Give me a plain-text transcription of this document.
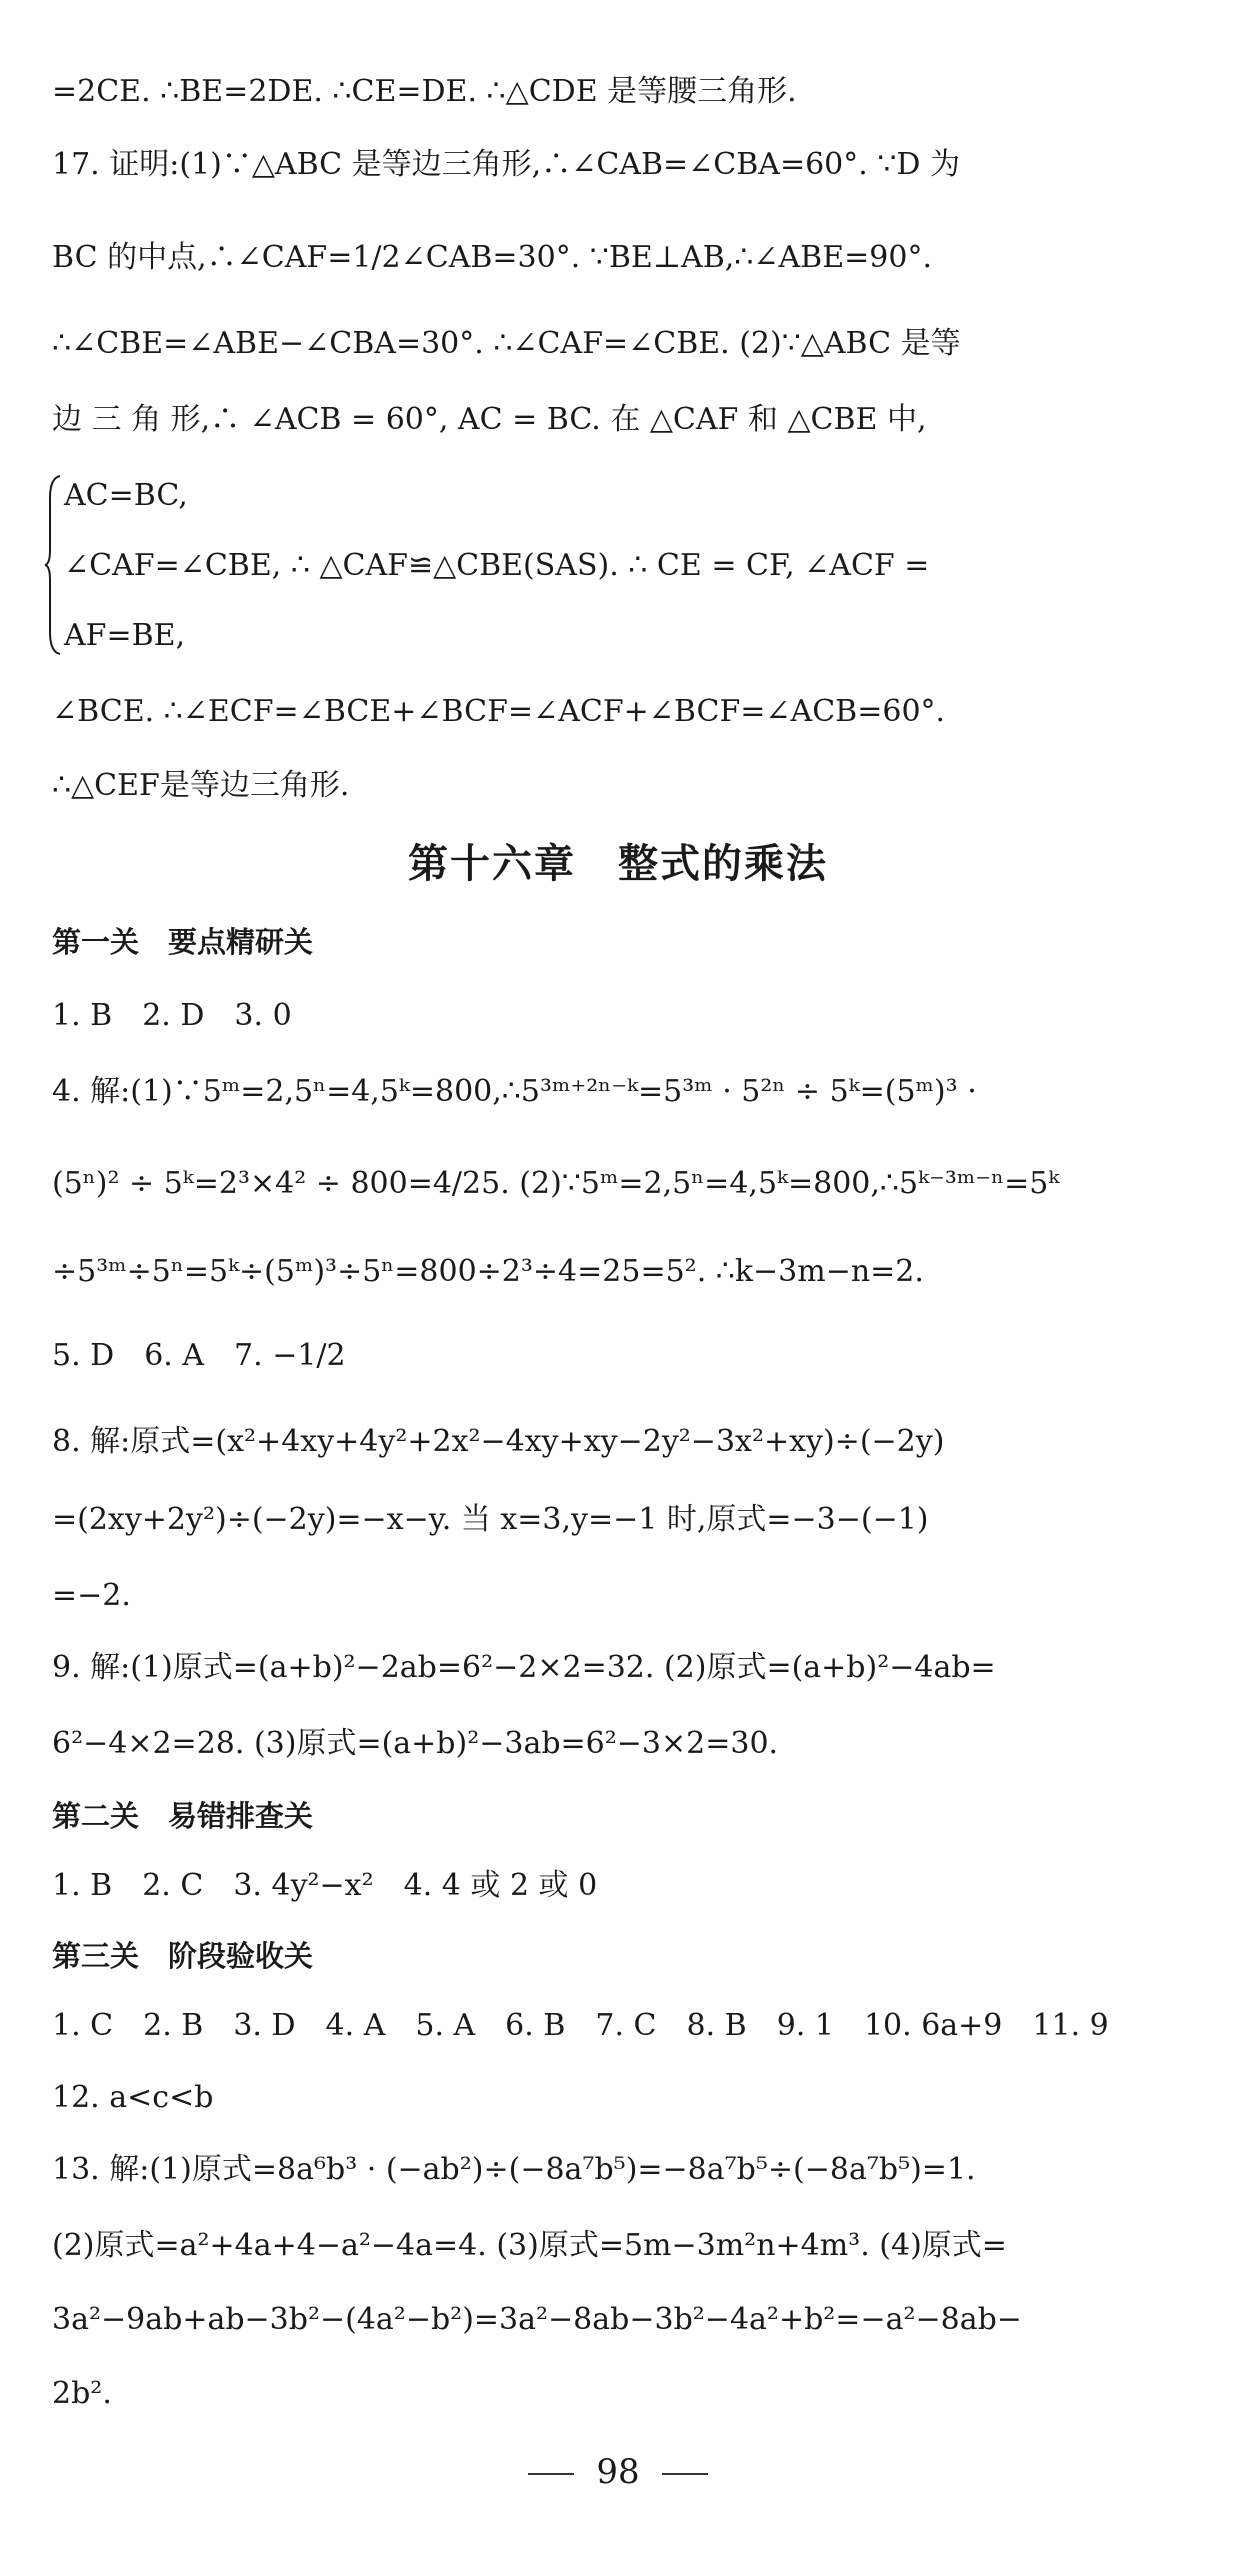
=2CE. ∴BE=2DE. ∴CE=DE. ∴△CDE 是等腰三角形.
17. 证明:(1)∵△ABC 是等边三角形,∴∠CAB=∠CBA=60°. ∵D 为
BC 的中点,∴∠CAF=1/2∠CAB=30°. ∵BE⊥AB,∴∠ABE=90°.
∴∠CBE=∠ABE−∠CBA=30°. ∴∠CAF=∠CBE. (2)∵△ABC 是等
边 三 角 形,∴ ∠ACB = 60°, AC = BC. 在 △CAF 和 △CBE 中,
AC=BC,
∠CAF=∠CBE, ∴ △CAF≌△CBE(SAS). ∴ CE = CF, ∠ACF =
AF=BE,
∠BCE. ∴∠ECF=∠BCE+∠BCF=∠ACF+∠BCF=∠ACB=60°.
∴△CEF是等边三角形.
第十六章　整式的乘法
第一关　要点精研关
1. B　2. D　3. 0
4. 解:(1)∵5ᵐ=2,5ⁿ=4,5ᵏ=800,∴5³ᵐ⁺²ⁿ⁻ᵏ=5³ᵐ · 5²ⁿ ÷ 5ᵏ=(5ᵐ)³ ·
(5ⁿ)² ÷ 5ᵏ=2³×4² ÷ 800=4/25. (2)∵5ᵐ=2,5ⁿ=4,5ᵏ=800,∴5ᵏ⁻³ᵐ⁻ⁿ=5ᵏ
÷5³ᵐ÷5ⁿ=5ᵏ÷(5ᵐ)³÷5ⁿ=800÷2³÷4=25=5². ∴k−3m−n=2.
5. D　6. A　7. −1/2
8. 解:原式=(x²+4xy+4y²+2x²−4xy+xy−2y²−3x²+xy)÷(−2y)
=(2xy+2y²)÷(−2y)=−x−y. 当 x=3,y=−1 时,原式=−3−(−1)
=−2.
9. 解:(1)原式=(a+b)²−2ab=6²−2×2=32. (2)原式=(a+b)²−4ab=
6²−4×2=28. (3)原式=(a+b)²−3ab=6²−3×2=30.
第二关　易错排查关
1. B　2. C　3. 4y²−x²　4. 4 或 2 或 0
第三关　阶段验收关
1. C　2. B　3. D　4. A　5. A　6. B　7. C　8. B　9. 1　10. 6a+9　11. 9
12. a<c<b
13. 解:(1)原式=8a⁶b³ · (−ab²)÷(−8a⁷b⁵)=−8a⁷b⁵÷(−8a⁷b⁵)=1.
(2)原式=a²+4a+4−a²−4a=4. (3)原式=5m−3m²n+4m³. (4)原式=
3a²−9ab+ab−3b²−(4a²−b²)=3a²−8ab−3b²−4a²+b²=−a²−8ab−
2b².
98
